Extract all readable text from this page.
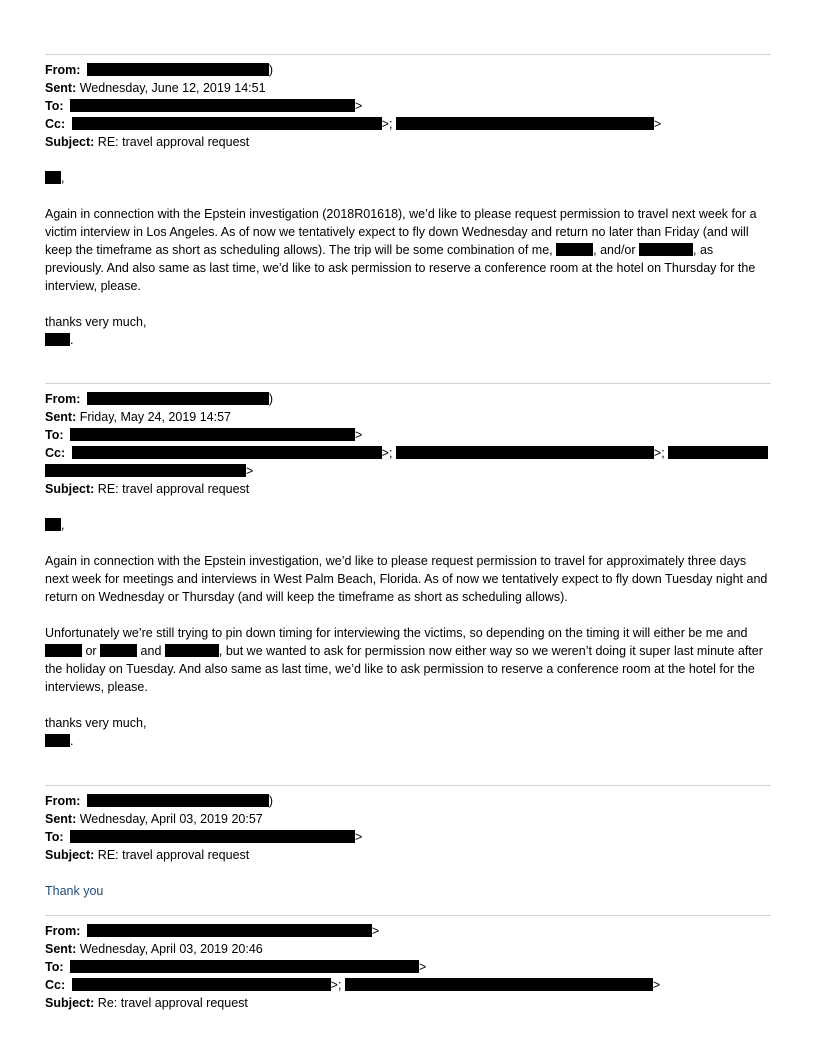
From:	)
Sent: Wednesday, June 12, 2019 14:51
To:	>
Cc:	>;	>
Subject: RE: travel approval request
,

Again in connection with the Epstein investigation (2018R01618), we’d like to please request permission to travel next week for a victim interview in Los Angeles. As of now we tentatively expect to fly down Wednesday and return no later than Friday (and will keep the timeframe as short as scheduling allows). The trip will be some combination of me,	, and/or	, as previously. And also same as last time, we’d like to ask permission to reserve a conference room at the hotel on Thursday for the interview, please.

thanks very much,
.
From:	)
Sent: Friday, May 24, 2019 14:57
To:	>
Cc:	>;	>;
>
Subject: RE: travel approval request
,

Again in connection with the Epstein investigation, we’d like to please request permission to travel for approximately three days next week for meetings and interviews in West Palm Beach, Florida. As of now we tentatively expect to fly down Tuesday night and return on Wednesday or Thursday (and will keep the timeframe as short as scheduling allows).

Unfortunately we’re still trying to pin down timing for interviewing the victims, so depending on the timing it will either be me and  or	and	, but we wanted to ask for permission now either way so we weren’t doing it super last minute after the holiday on Tuesday. And also same as last time, we’d like to ask permission to reserve a conference room at the hotel for the interviews, please.

thanks very much,
.
From:	)
Sent: Wednesday, April 03, 2019 20:57
To:	>
Subject: RE: travel approval request
Thank you
From:	>
Sent: Wednesday, April 03, 2019 20:46
To:	>
Cc:	>;	>
Subject: Re: travel approval request
